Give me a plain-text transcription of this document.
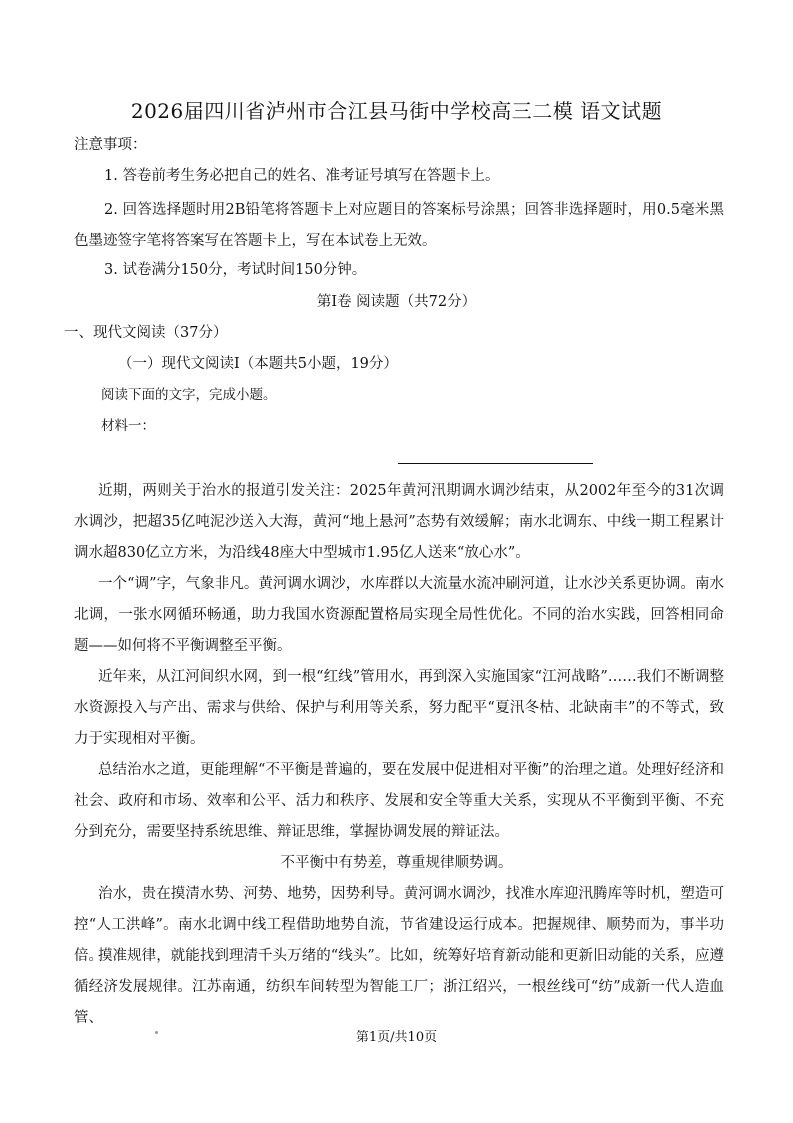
2026届四川省泸州市合江县马街中学校高三二模 语文试题
注意事项：
1. 答卷前考生务必把自己的姓名、准考证号填写在答题卡上。
2. 回答选择题时用2B铅笔将答题卡上对应题目的答案标号涂黑；回答非选择题时，用0.5毫米黑色墨迹签字笔将答案写在答题卡上，写在本试卷上无效。
3. 试卷满分150分，考试时间150分钟。
第Ⅰ卷 阅读题（共72分）
一、现代文阅读（37分）
（一）现代文阅读Ⅰ（本题共5小题，19分）
阅读下面的文字，完成小题。
材料一：
近期，两则关于治水的报道引发关注：2025年黄河汛期调水调沙结束，从2002年至今的31次调水调沙，把超35亿吨泥沙送入大海，黄河“地上悬河”态势有效缓解；南水北调东、中线一期工程累计调水超830亿立方米，为沿线48座大中型城市1.95亿人送来“放心水”。
一个“调”字，气象非凡。黄河调水调沙，水库群以大流量水流冲刷河道，让水沙关系更协调。南水北调，一张水网循环畅通，助力我国水资源配置格局实现全局性优化。不同的治水实践，回答相同命题——如何将不平衡调整至平衡。
近年来，从江河间织水网，到一根“红线”管用水，再到深入实施国家“江河战略”……我们不断调整水资源投入与产出、需求与供给、保护与利用等关系，努力配平“夏汛冬枯、北缺南丰”的不等式，致力于实现相对平衡。
总结治水之道，更能理解“不平衡是普遍的，要在发展中促进相对平衡”的治理之道。处理好经济和社会、政府和市场、效率和公平、活力和秩序、发展和安全等重大关系，实现从不平衡到平衡、不充分到充分，需要坚持系统思维、辩证思维，掌握协调发展的辩证法。
不平衡中有势差，尊重规律顺势调。
治水，贵在摸清水势、河势、地势，因势利导。黄河调水调沙，找准水库迎汛腾库等时机，塑造可控“人工洪峰”。南水北调中线工程借助地势自流，节省建设运行成本。把握规律、顺势而为，事半功倍。
摸准规律，就能找到理清千头万绪的“线头”。比如，统筹好培育新动能和更新旧动能的关系，应遵循经济发展规律。江苏南通，纺织车间转型为智能工厂；浙江绍兴，一根丝线可“纺”成新一代人造血管、
第1页/共10页
